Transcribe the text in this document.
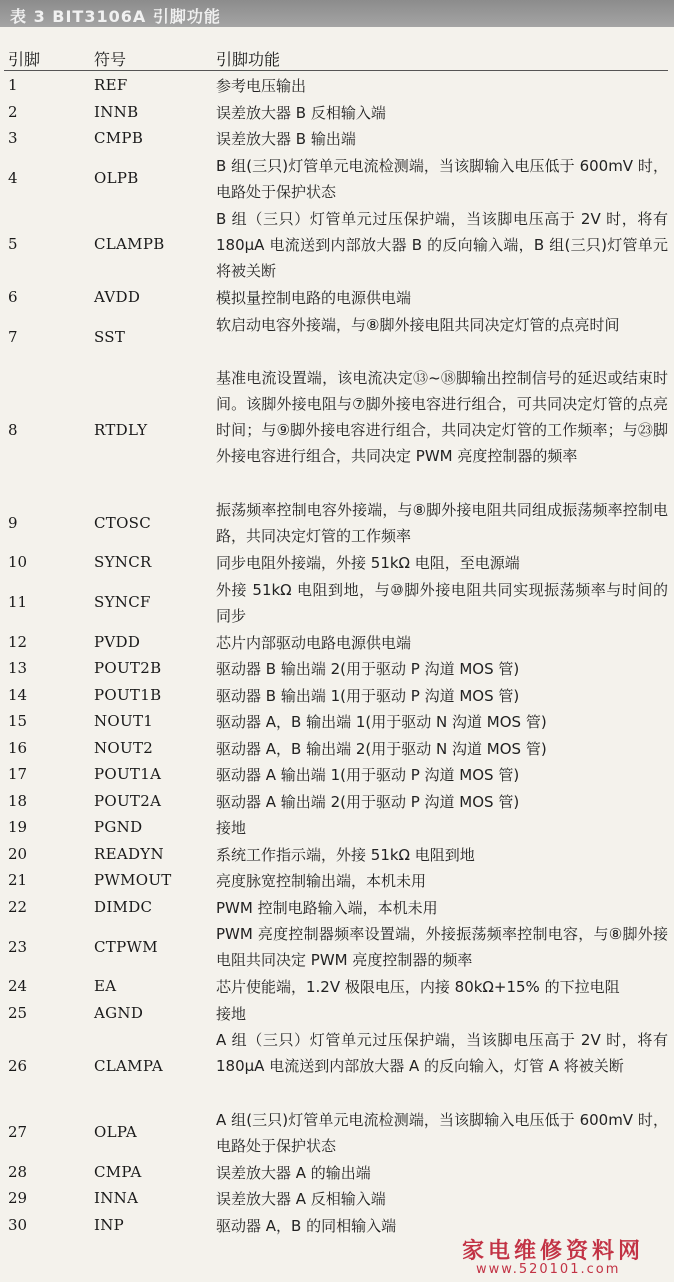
表 3 BIT3106A 引脚功能
引脚	符号	引脚功能
1	REF	参考电压输出
2	INNB	误差放大器 B 反相输入端
3	CMPB	误差放大器 B 输出端
4	OLPB
B 组(三只)灯管单元电流检测端，当该脚输入电压低于 600mV 时，电路处于保护状态
5	CLAMPB
B 组（三只）灯管单元过压保护端，当该脚电压高于 2V 时，将有 180μA 电流送到内部放大器 B 的反向输入端，B 组(三只)灯管单元将被关断
6	AVDD	模拟量控制电路的电源供电端
7	SST
软启动电容外接端，与⑧脚外接电阻共同决定灯管的点亮时间
8	RTDLY
基准电流设置端，该电流决定⑬~⑱脚输出控制信号的延迟或结束时间。该脚外接电阻与⑦脚外接电容进行组合，可共同决定灯管的点亮时间；与⑨脚外接电容进行组合，共同决定灯管的工作频率；与㉓脚外接电容进行组合，共同决定 PWM 亮度控制器的频率
9	CTOSC
振荡频率控制电容外接端，与⑧脚外接电阻共同组成振荡频率控制电路，共同决定灯管的工作频率
10	SYNCR	同步电阻外接端，外接 51kΩ 电阻，至电源端
11	SYNCF
外接 51kΩ 电阻到地，与⑩脚外接电阻共同实现振荡频率与时间的同步
12	PVDD	芯片内部驱动电路电源供电端
13	POUT2B	驱动器 B 输出端 2(用于驱动 P 沟道 MOS 管)
14	POUT1B	驱动器 B 输出端 1(用于驱动 P 沟道 MOS 管)
15	NOUT1	驱动器 A，B 输出端 1(用于驱动 N 沟道 MOS 管)
16	NOUT2	驱动器 A，B 输出端 2(用于驱动 N 沟道 MOS 管)
17	POUT1A	驱动器 A 输出端 1(用于驱动 P 沟道 MOS 管)
18	POUT2A	驱动器 A 输出端 2(用于驱动 P 沟道 MOS 管)
19	PGND	接地
20	READYN	系统工作指示端，外接 51kΩ 电阻到地
21	PWMOUT	亮度脉宽控制输出端，本机未用
22	DIMDC	PWM 控制电路输入端，本机未用
23	CTPWM
PWM 亮度控制器频率设置端，外接振荡频率控制电容，与⑧脚外接电阻共同决定 PWM 亮度控制器的频率
24	EA	芯片使能端，1.2V 极限电压，内接 80kΩ+15% 的下拉电阻
25	AGND	接地
26	CLAMPA
A 组（三只）灯管单元过压保护端，当该脚电压高于 2V 时，将有 180μA 电流送到内部放大器 A 的反向输入，灯管 A 将被关断
27	OLPA
A 组(三只)灯管单元电流检测端，当该脚输入电压低于 600mV 时，电路处于保护状态
28	CMPA	误差放大器 A 的输出端
29	INNA	误差放大器 A 反相输入端
30	INP	驱动器 A，B 的同相输入端
家电维修资料网
www.520101.com
